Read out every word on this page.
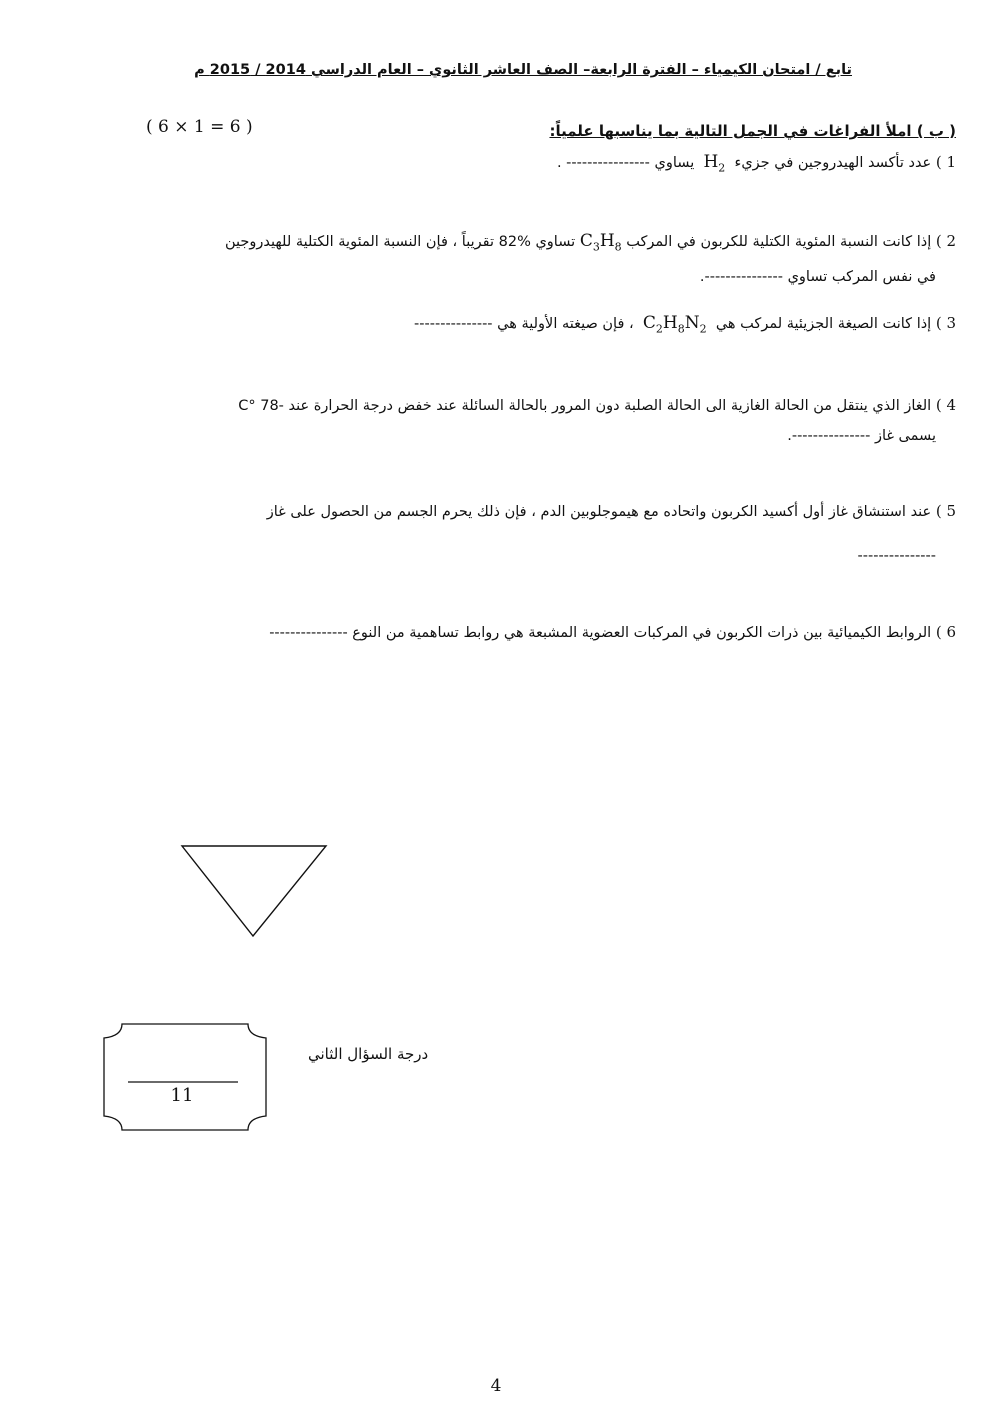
تابع / امتحان الكيمياء – الفترة الرابعة– الصف العاشر الثانوي – العام الدراسي 2014 / 2015 م
( ب ) املأ الفراغات في الجمل التالية بما يناسبها علمياً:
( 6 × 1 = 6 )
1 ) عدد تأكسد الهيدروجين في جزيء  $H_2$  يساوي ---------------- .
2 ) إذا كانت النسبة المئوية الكتلية للكربون في المركب $C_3H_8$ تساوي %82 تقريباً ، فإن النسبة المئوية الكتلية للهيدروجين
في نفس المركب تساوي ---------------.
3 ) إذا كانت الصيغة الجزيئية لمركب هي  $C_2H_8N_2$  ، فإن صيغته الأولية هي ---------------
4 ) الغاز الذي ينتقل من الحالة الغازية الى الحالة الصلبة دون المرور بالحالة السائلة عند خفض درجة الحرارة عند -78 °C
يسمى غاز ---------------.
5 ) عند استنشاق غاز أول أكسيد الكربون واتحاده مع هيموجلوبين الدم ، فإن ذلك يحرم الجسم من الحصول على غاز
---------------
6 ) الروابط الكيميائية بين ذرات الكربون في المركبات العضوية المشبعة هي روابط تساهمية من النوع ---------------
11
درجة السؤال الثاني
4
